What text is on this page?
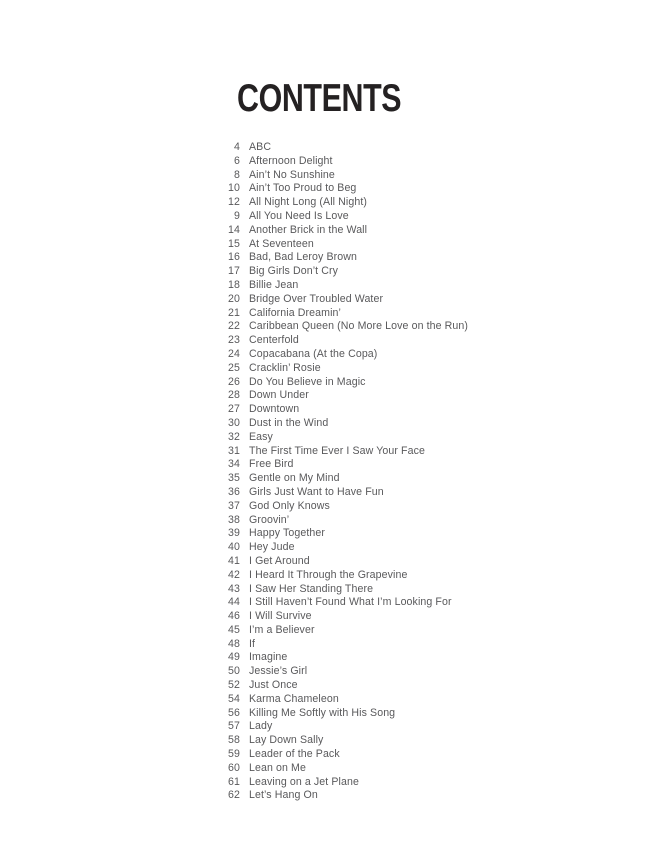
CONTENTS
4 ABC
6 Afternoon Delight
8 Ain’t No Sunshine
10 Ain’t Too Proud to Beg
12 All Night Long (All Night)
9 All You Need Is Love
14 Another Brick in the Wall
15 At Seventeen
16 Bad, Bad Leroy Brown
17 Big Girls Don’t Cry
18 Billie Jean
20 Bridge Over Troubled Water
21 California Dreamin’
22 Caribbean Queen (No More Love on the Run)
23 Centerfold
24 Copacabana (At the Copa)
25 Cracklin’ Rosie
26 Do You Believe in Magic
28 Down Under
27 Downtown
30 Dust in the Wind
32 Easy
31 The First Time Ever I Saw Your Face
34 Free Bird
35 Gentle on My Mind
36 Girls Just Want to Have Fun
37 God Only Knows
38 Groovin’
39 Happy Together
40 Hey Jude
41 I Get Around
42 I Heard It Through the Grapevine
43 I Saw Her Standing There
44 I Still Haven’t Found What I’m Looking For
46 I Will Survive
45 I’m a Believer
48 If
49 Imagine
50 Jessie’s Girl
52 Just Once
54 Karma Chameleon
56 Killing Me Softly with His Song
57 Lady
58 Lay Down Sally
59 Leader of the Pack
60 Lean on Me
61 Leaving on a Jet Plane
62 Let’s Hang On
